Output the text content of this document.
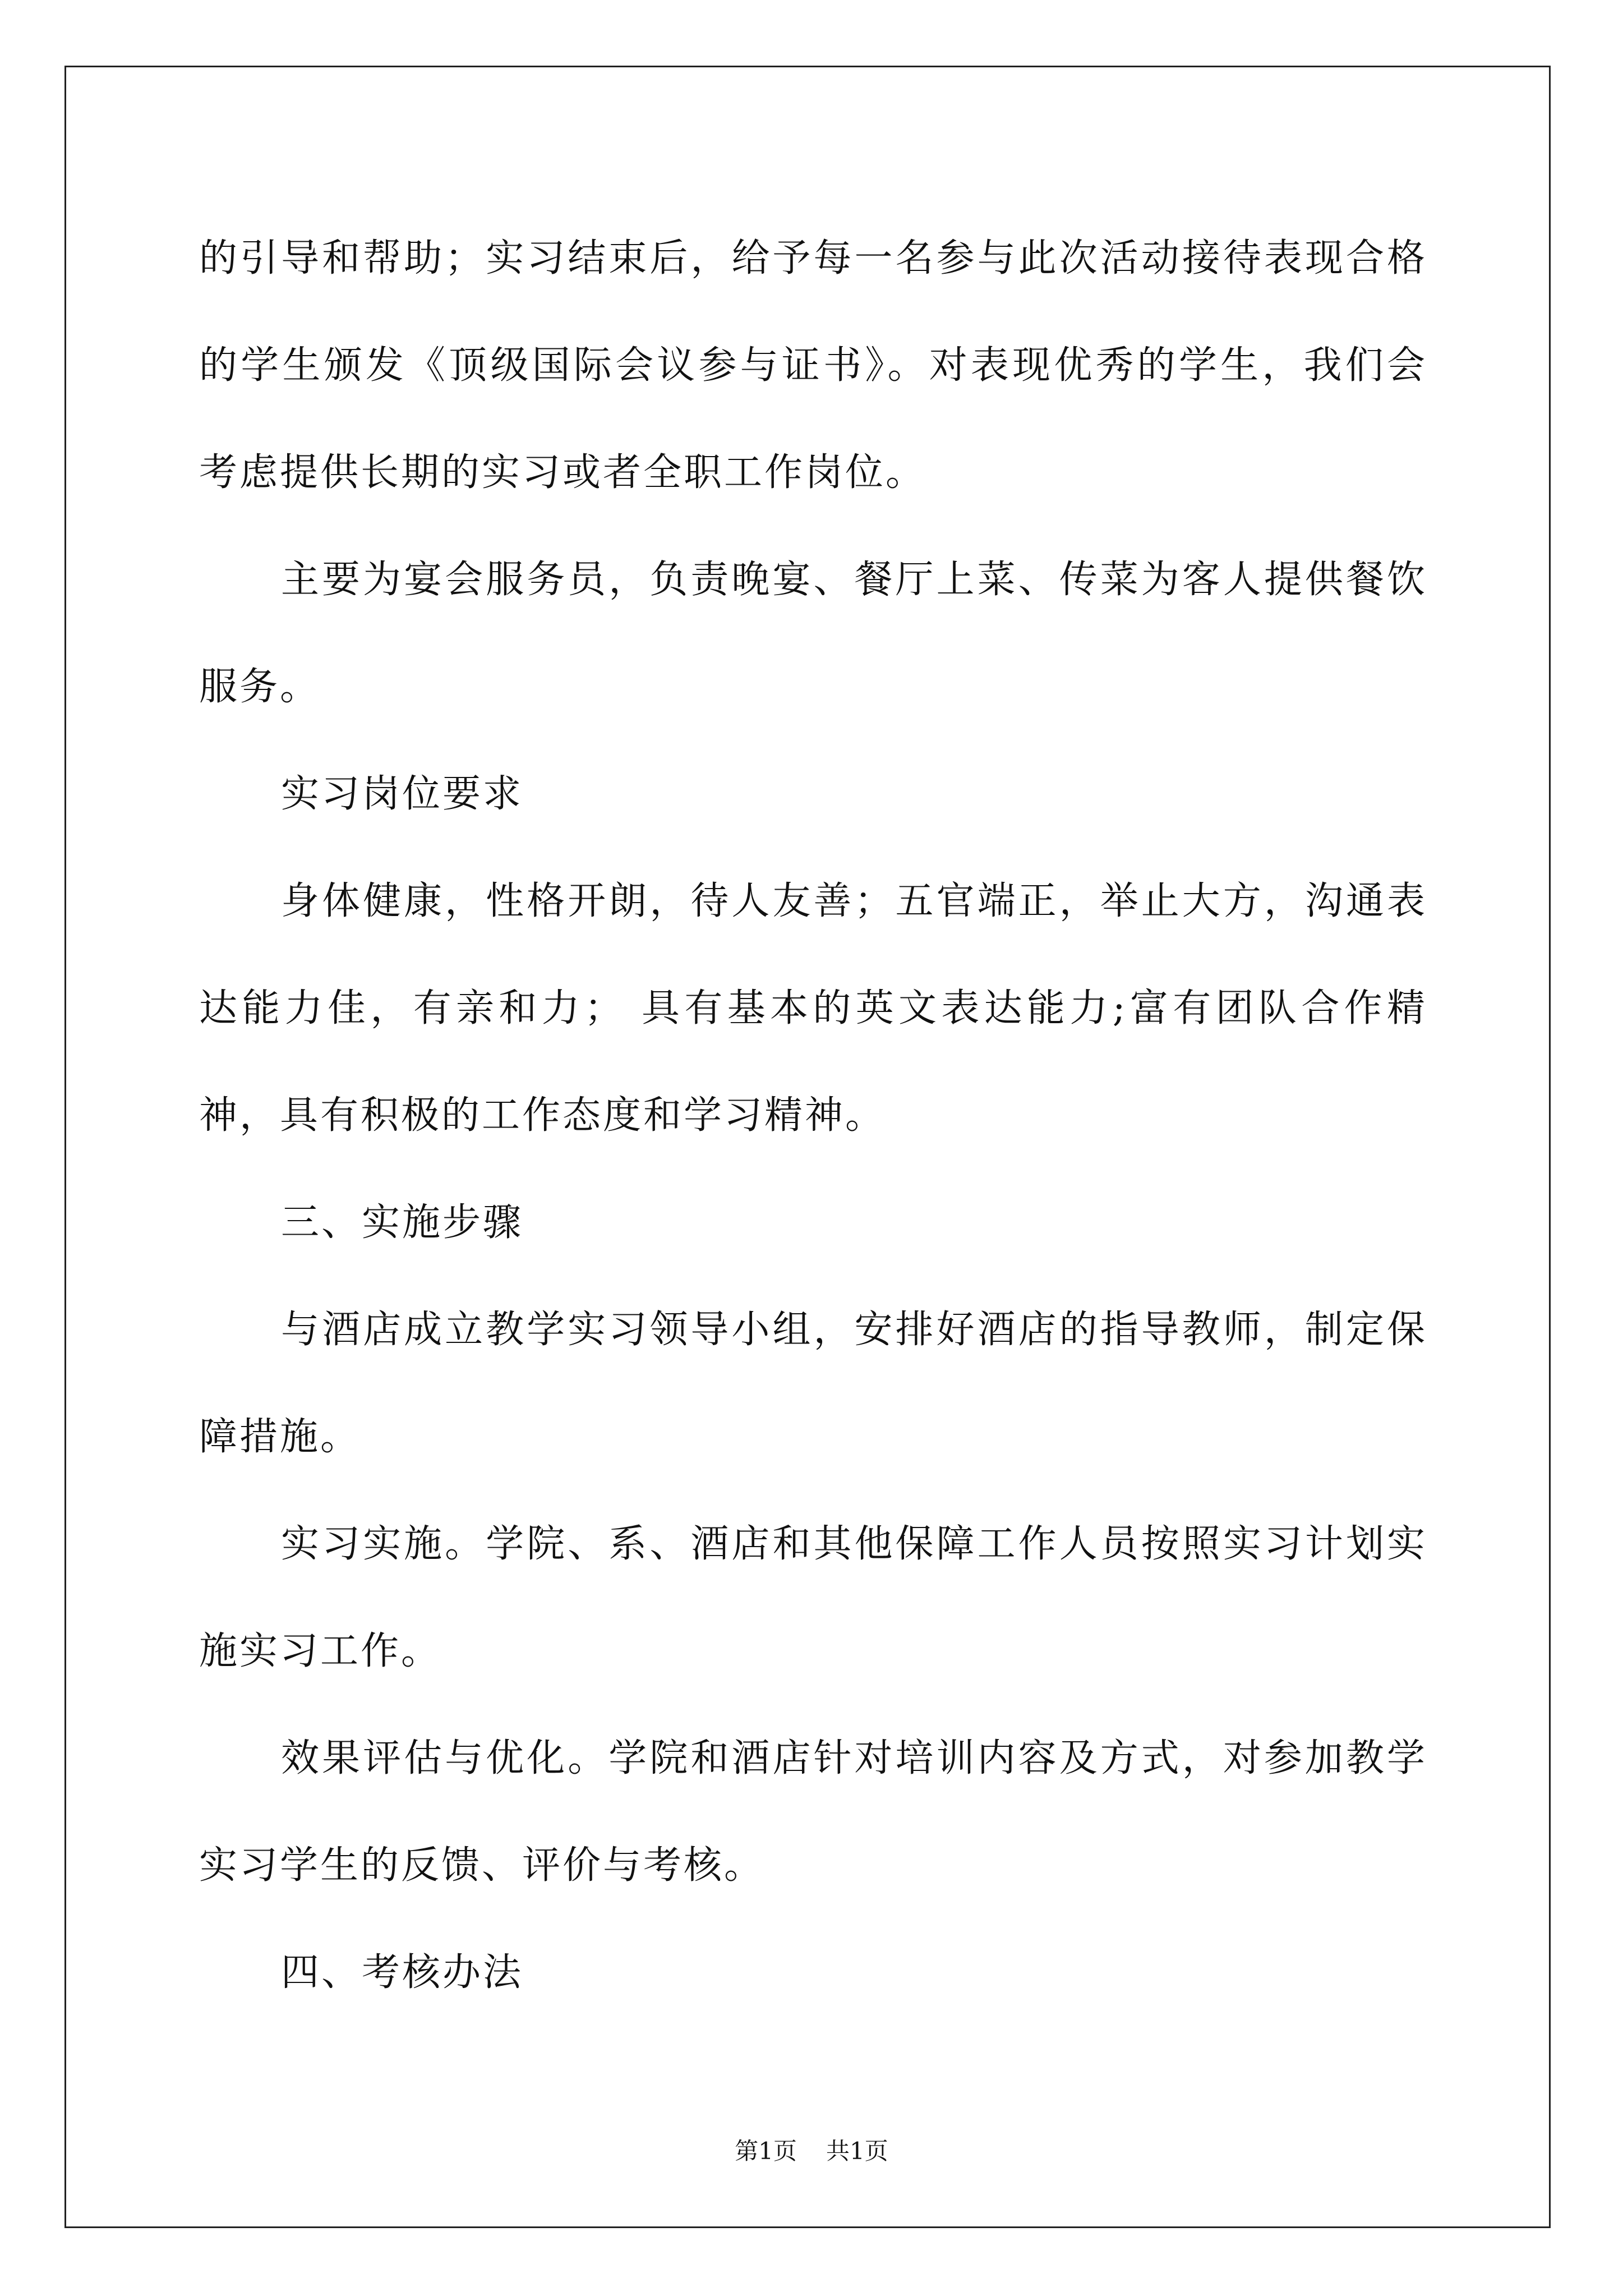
的引导和帮助；实习结束后，给予每一名参与此次活动接待表现合格的学生颁发《顶级国际会议参与证书》。对表现优秀的学生，我们会考虑提供长期的实习或者全职工作岗位。

主要为宴会服务员，负责晚宴、餐厅上菜、传菜为客人提供餐饮服务。

实习岗位要求

身体健康，性格开朗，待人友善；五官端正，举止大方，沟通表达能力佳，有亲和力； 具有基本的英文表达能力;富有团队合作精神，具有积极的工作态度和学习精神。

三、实施步骤

与酒店成立教学实习领导小组，安排好酒店的指导教师，制定保障措施。

实习实施。学院、系、酒店和其他保障工作人员按照实习计划实施实习工作。

效果评估与优化。学院和酒店针对培训内容及方式，对参加教学实习学生的反馈、评价与考核。

四、考核办法

第1页 共1页
